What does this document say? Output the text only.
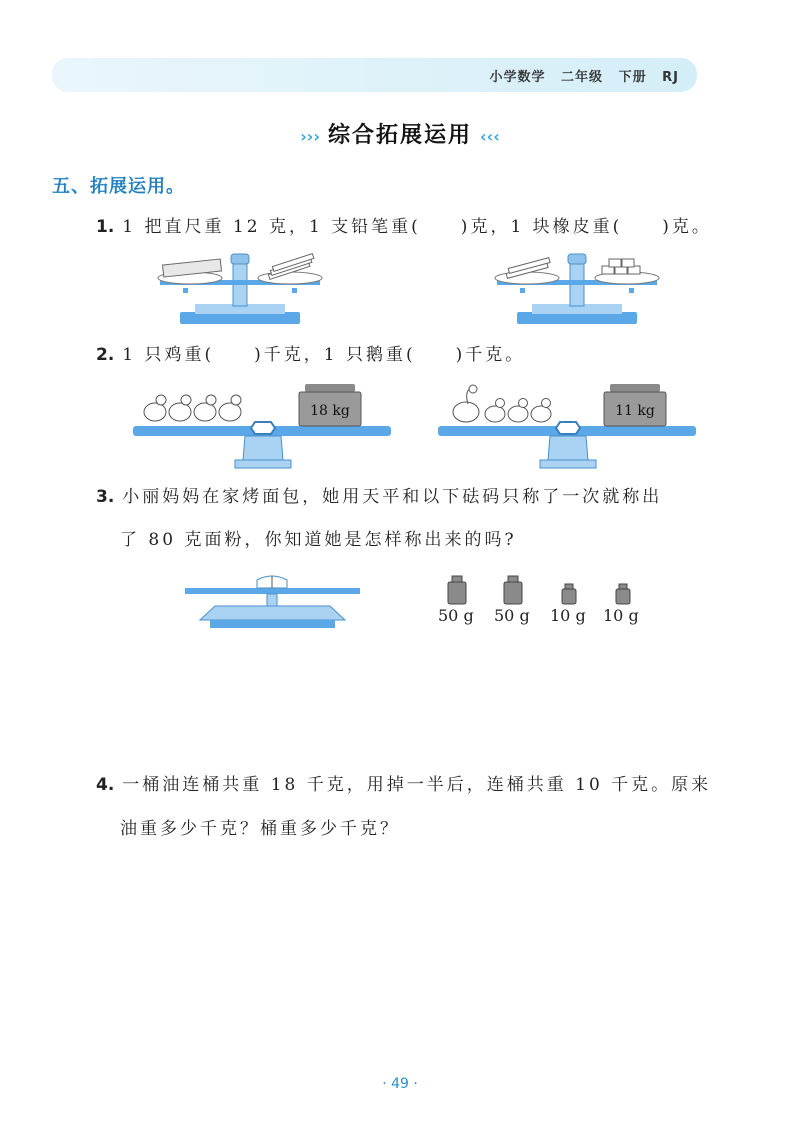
小学数学 二年级 下册 RJ
››› 综合拓展运用 ‹‹‹
五、拓展运用。
1. 1 把直尺重 12 克，1 支铅笔重(　　)克，1 块橡皮重(　　)克。
2. 1 只鸡重(　　)千克，1 只鹅重(　　)千克。
18 kg	11 kg
3. 小丽妈妈在家烤面包，她用天平和以下砝码只称了一次就称出
了 80 克面粉，你知道她是怎样称出来的吗?
50 g 50 g 10 g 10 g
4. 一桶油连桶共重 18 千克，用掉一半后，连桶共重 10 千克。原来
油重多少千克？桶重多少千克？
· 49 ·
